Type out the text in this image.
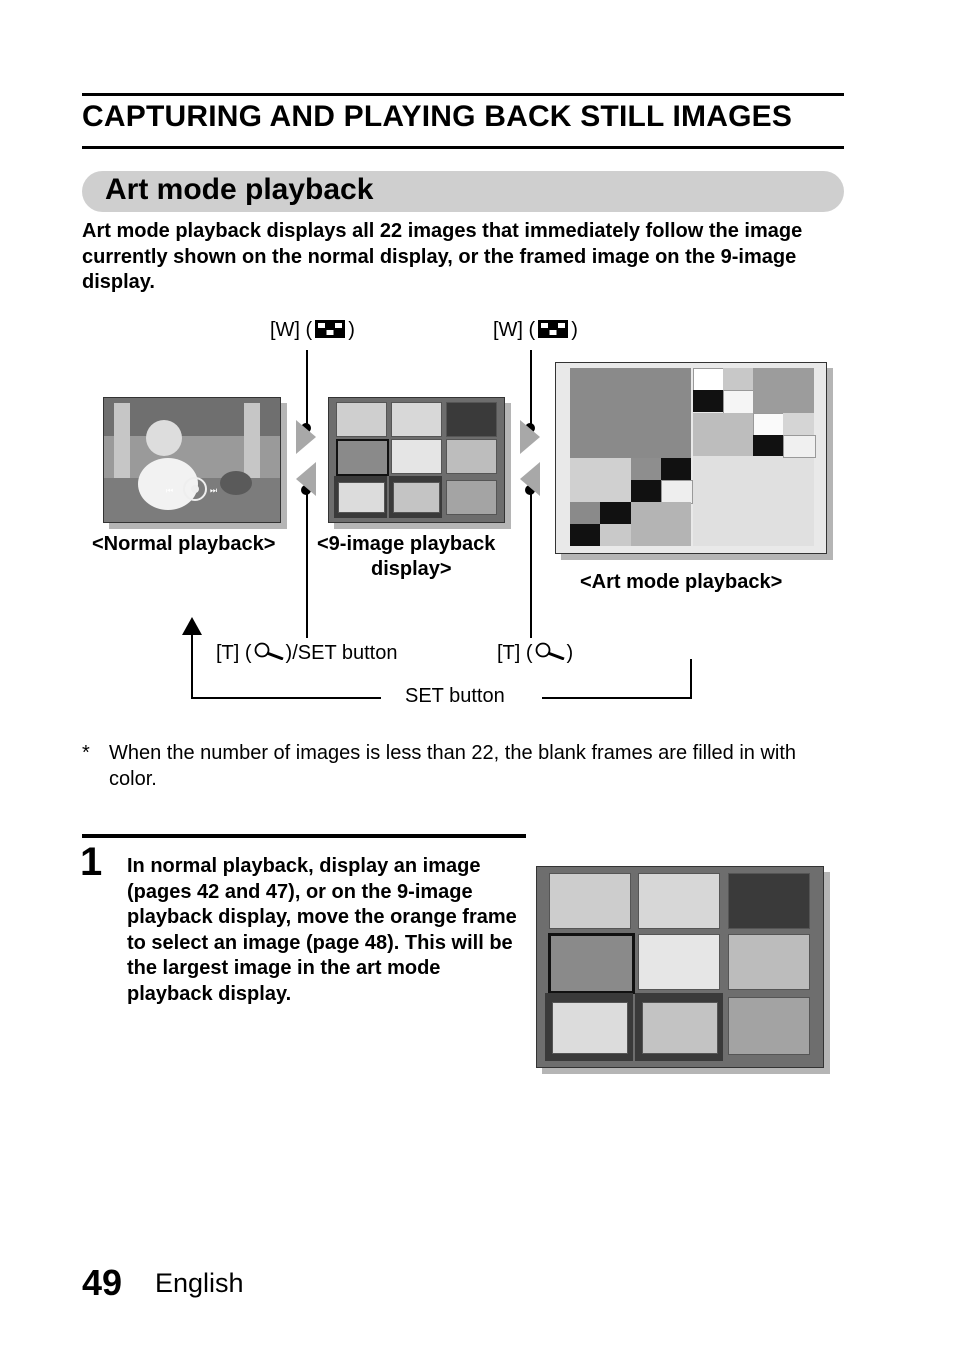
CAPTURING AND PLAYING BACK STILL IMAGES
Art mode playback
Art mode playback displays all 22 images that immediately follow the image currently shown on the normal display, or the framed image on the 9-image display.
[W] ( )	[W] ( )
⏮	⏭
<Normal playback> <9-image playback
display>
<Art mode playback>
[T] ( )/SET button	[T] ( )
SET button
* When the number of images is less than 22, the blank frames are filled in with color.
1 In normal playback, display an image (pages 42 and 47), or on the 9-image playback display, move the orange frame to select an image (page 48). This will be the largest image in the art mode playback display.
49 English
